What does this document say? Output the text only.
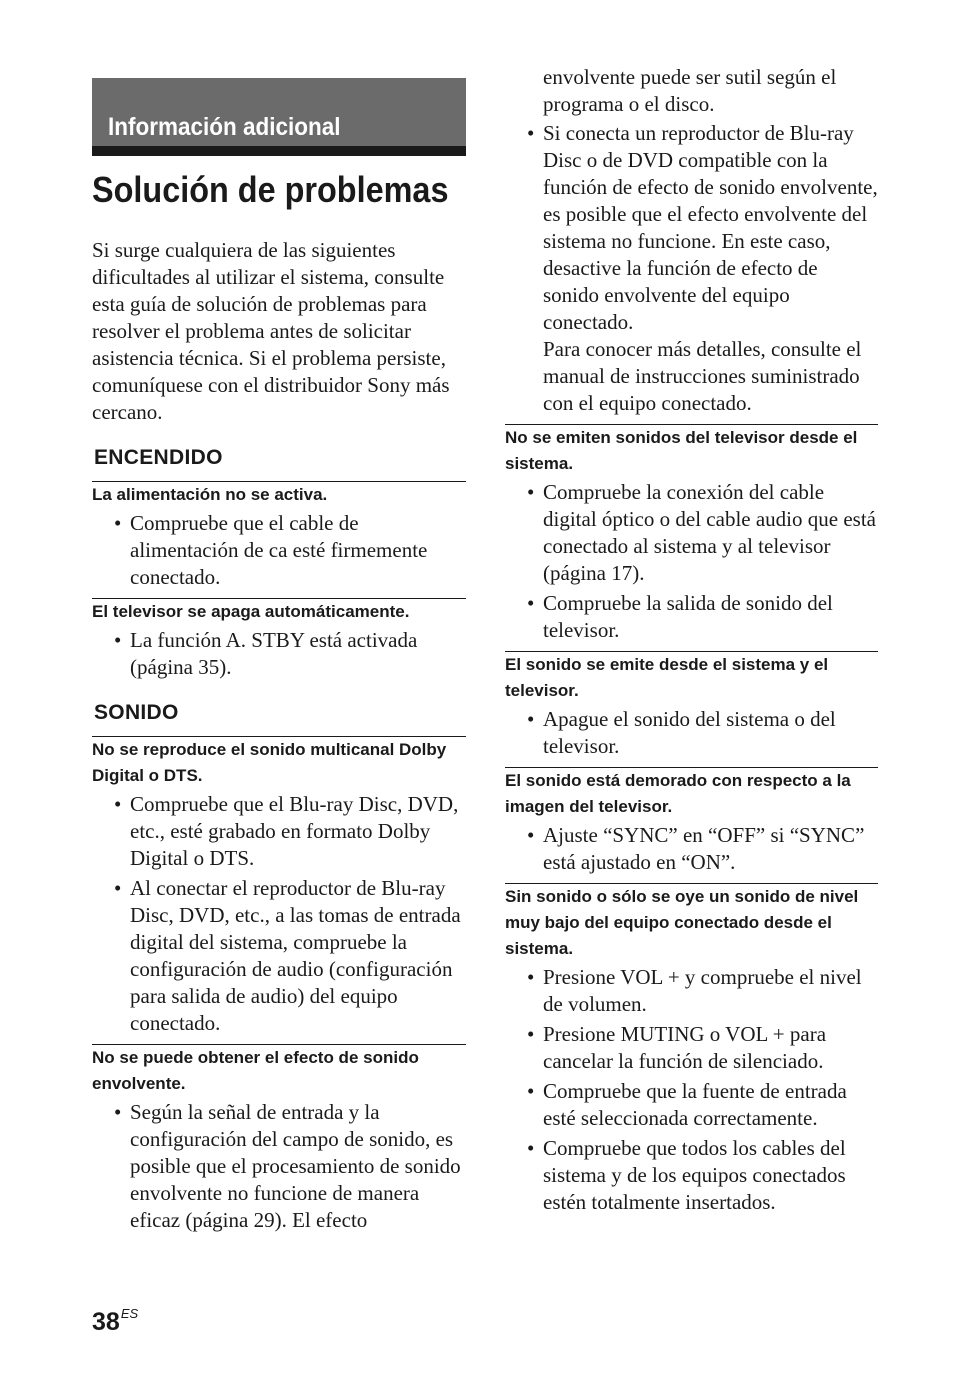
Información adicional
Solución de problemas

Si surge cualquiera de las siguientes dificultades al utilizar el sistema, consulte esta guía de solución de problemas para resolver el problema antes de solicitar asistencia técnica. Si el problema persiste, comuníquese con el distribuidor Sony más cercano.

ENCENDIDO
La alimentación no se activa.
• Compruebe que el cable de alimentación de ca esté firmemente conectado.
El televisor se apaga automáticamente.
• La función A. STBY está activada (página 35).
SONIDO
No se reproduce el sonido multicanal Dolby Digital o DTS.
• Compruebe que el Blu-ray Disc, DVD, etc., esté grabado en formato Dolby Digital o DTS.
• Al conectar el reproductor de Blu-ray Disc, DVD, etc., a las tomas de entrada digital del sistema, compruebe la configuración de audio (configuración para salida de audio) del equipo conectado.
No se puede obtener el efecto de sonido envolvente.
• Según la señal de entrada y la configuración del campo de sonido, es posible que el procesamiento de sonido envolvente no funcione de manera eficaz (página 29). El efecto

envolvente puede ser sutil según el programa o el disco.

• Si conecta un reproductor de Blu-ray Disc o de DVD compatible con la función de efecto de sonido envolvente, es posible que el efecto envolvente del sistema no funcione. En este caso, desactive la función de efecto de sonido envolvente del equipo conectado.
Para conocer más detalles, consulte el manual de instrucciones suministrado con el equipo conectado.
No se emiten sonidos del televisor desde el sistema.
• Compruebe la conexión del cable digital óptico o del cable audio que está conectado al sistema y al televisor (página 17).
• Compruebe la salida de sonido del televisor.
El sonido se emite desde el sistema y el televisor.
• Apague el sonido del sistema o del televisor.
El sonido está demorado con respecto a la imagen del televisor.
• Ajuste “SYNC” en “OFF” si “SYNC” está ajustado en “ON”.
Sin sonido o sólo se oye un sonido de nivel muy bajo del equipo conectado desde el sistema.
• Presione VOL + y compruebe el nivel de volumen.
• Presione MUTING o VOL + para cancelar la función de silenciado.
• Compruebe que la fuente de entrada esté seleccionada correctamente.
• Compruebe que todos los cables del sistema y de los equipos conectados estén totalmente insertados.
$38^{ES}$
